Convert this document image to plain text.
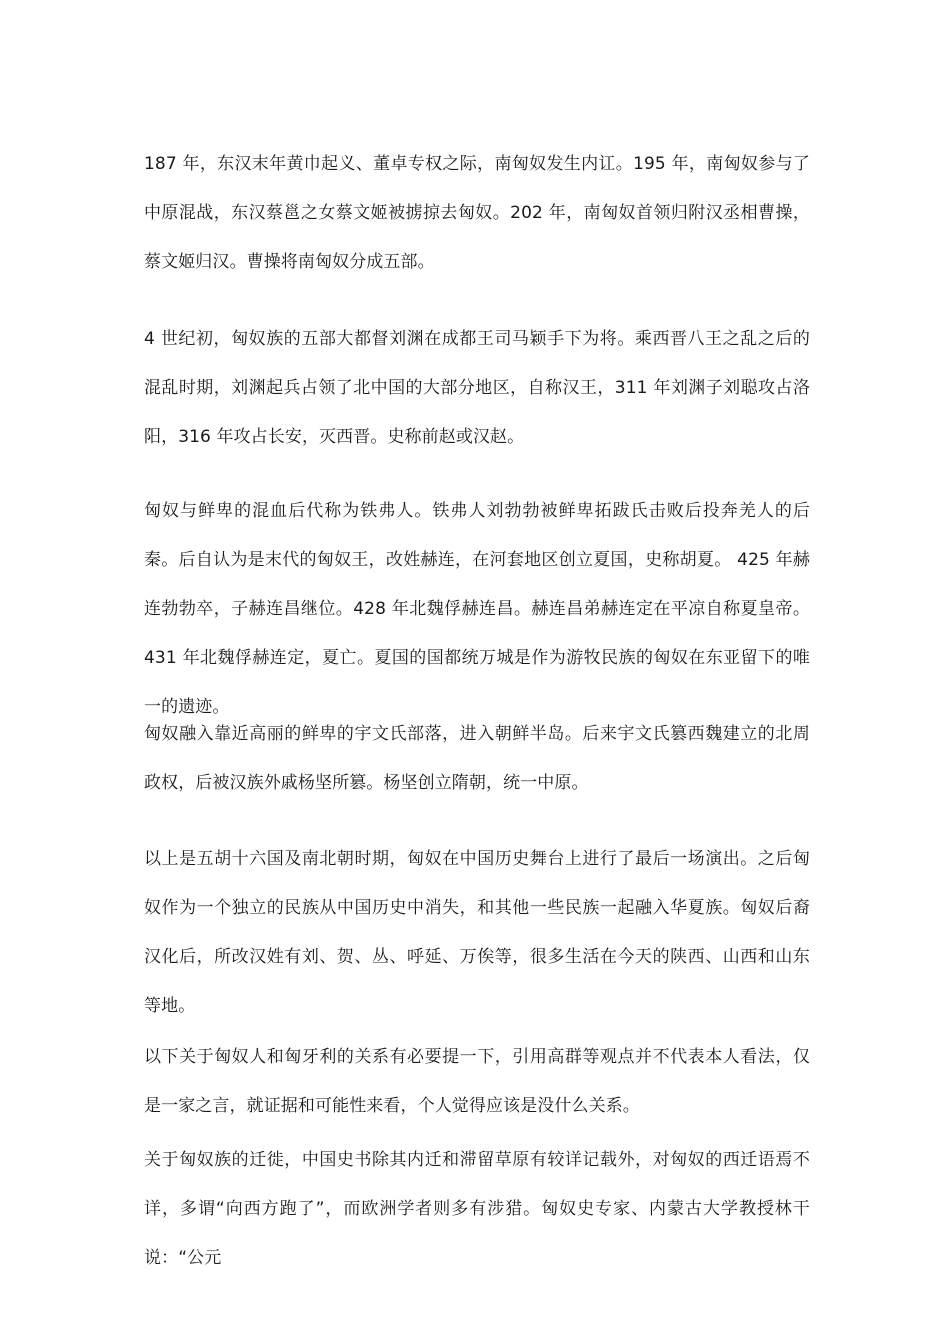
187 年，东汉末年黄巾起义、董卓专权之际，南匈奴发生内讧。195 年，南匈奴参与了中原混战，东汉蔡邕之女蔡文姬被掳掠去匈奴。202 年，南匈奴首领归附汉丞相曹操，蔡文姬归汉。曹操将南匈奴分成五部。

4 世纪初，匈奴族的五部大都督刘渊在成都王司马颖手下为将。乘西晋八王之乱之后的混乱时期，刘渊起兵占领了北中国的大部分地区，自称汉王，311 年刘渊子刘聪攻占洛阳，316 年攻占长安，灭西晋。史称前赵或汉赵。

匈奴与鲜卑的混血后代称为铁弗人。铁弗人刘勃勃被鲜卑拓跋氏击败后投奔羌人的后秦。后自认为是末代的匈奴王，改姓赫连，在河套地区创立夏国，史称胡夏。 425 年赫连勃勃卒，子赫连昌继位。428 年北魏俘赫连昌。赫连昌弟赫连定在平凉自称夏皇帝。431 年北魏俘赫连定，夏亡。夏国的国都统万城是作为游牧民族的匈奴在东亚留下的唯一的遗迹。

匈奴融入靠近高丽的鲜卑的宇文氏部落，进入朝鲜半岛。后来宇文氏篡西魏建立的北周政权，后被汉族外戚杨坚所篡。杨坚创立隋朝，统一中原。

以上是五胡十六国及南北朝时期，匈奴在中国历史舞台上进行了最后一场演出。之后匈奴作为一个独立的民族从中国历史中消失，和其他一些民族一起融入华夏族。匈奴后裔汉化后，所改汉姓有刘、贺、丛、呼延、万俟等，很多生活在今天的陕西、山西和山东等地。

以下关于匈奴人和匈牙利的关系有必要提一下，引用高群等观点并不代表本人看法，仅是一家之言，就证据和可能性来看，个人觉得应该是没什么关系。

关于匈奴族的迁徙，中国史书除其内迁和滞留草原有较详记载外，对匈奴的西迁语焉不详，多谓“向西方跑了”，而欧洲学者则多有涉猎。匈奴史专家、内蒙古大学教授林干说：“公元
